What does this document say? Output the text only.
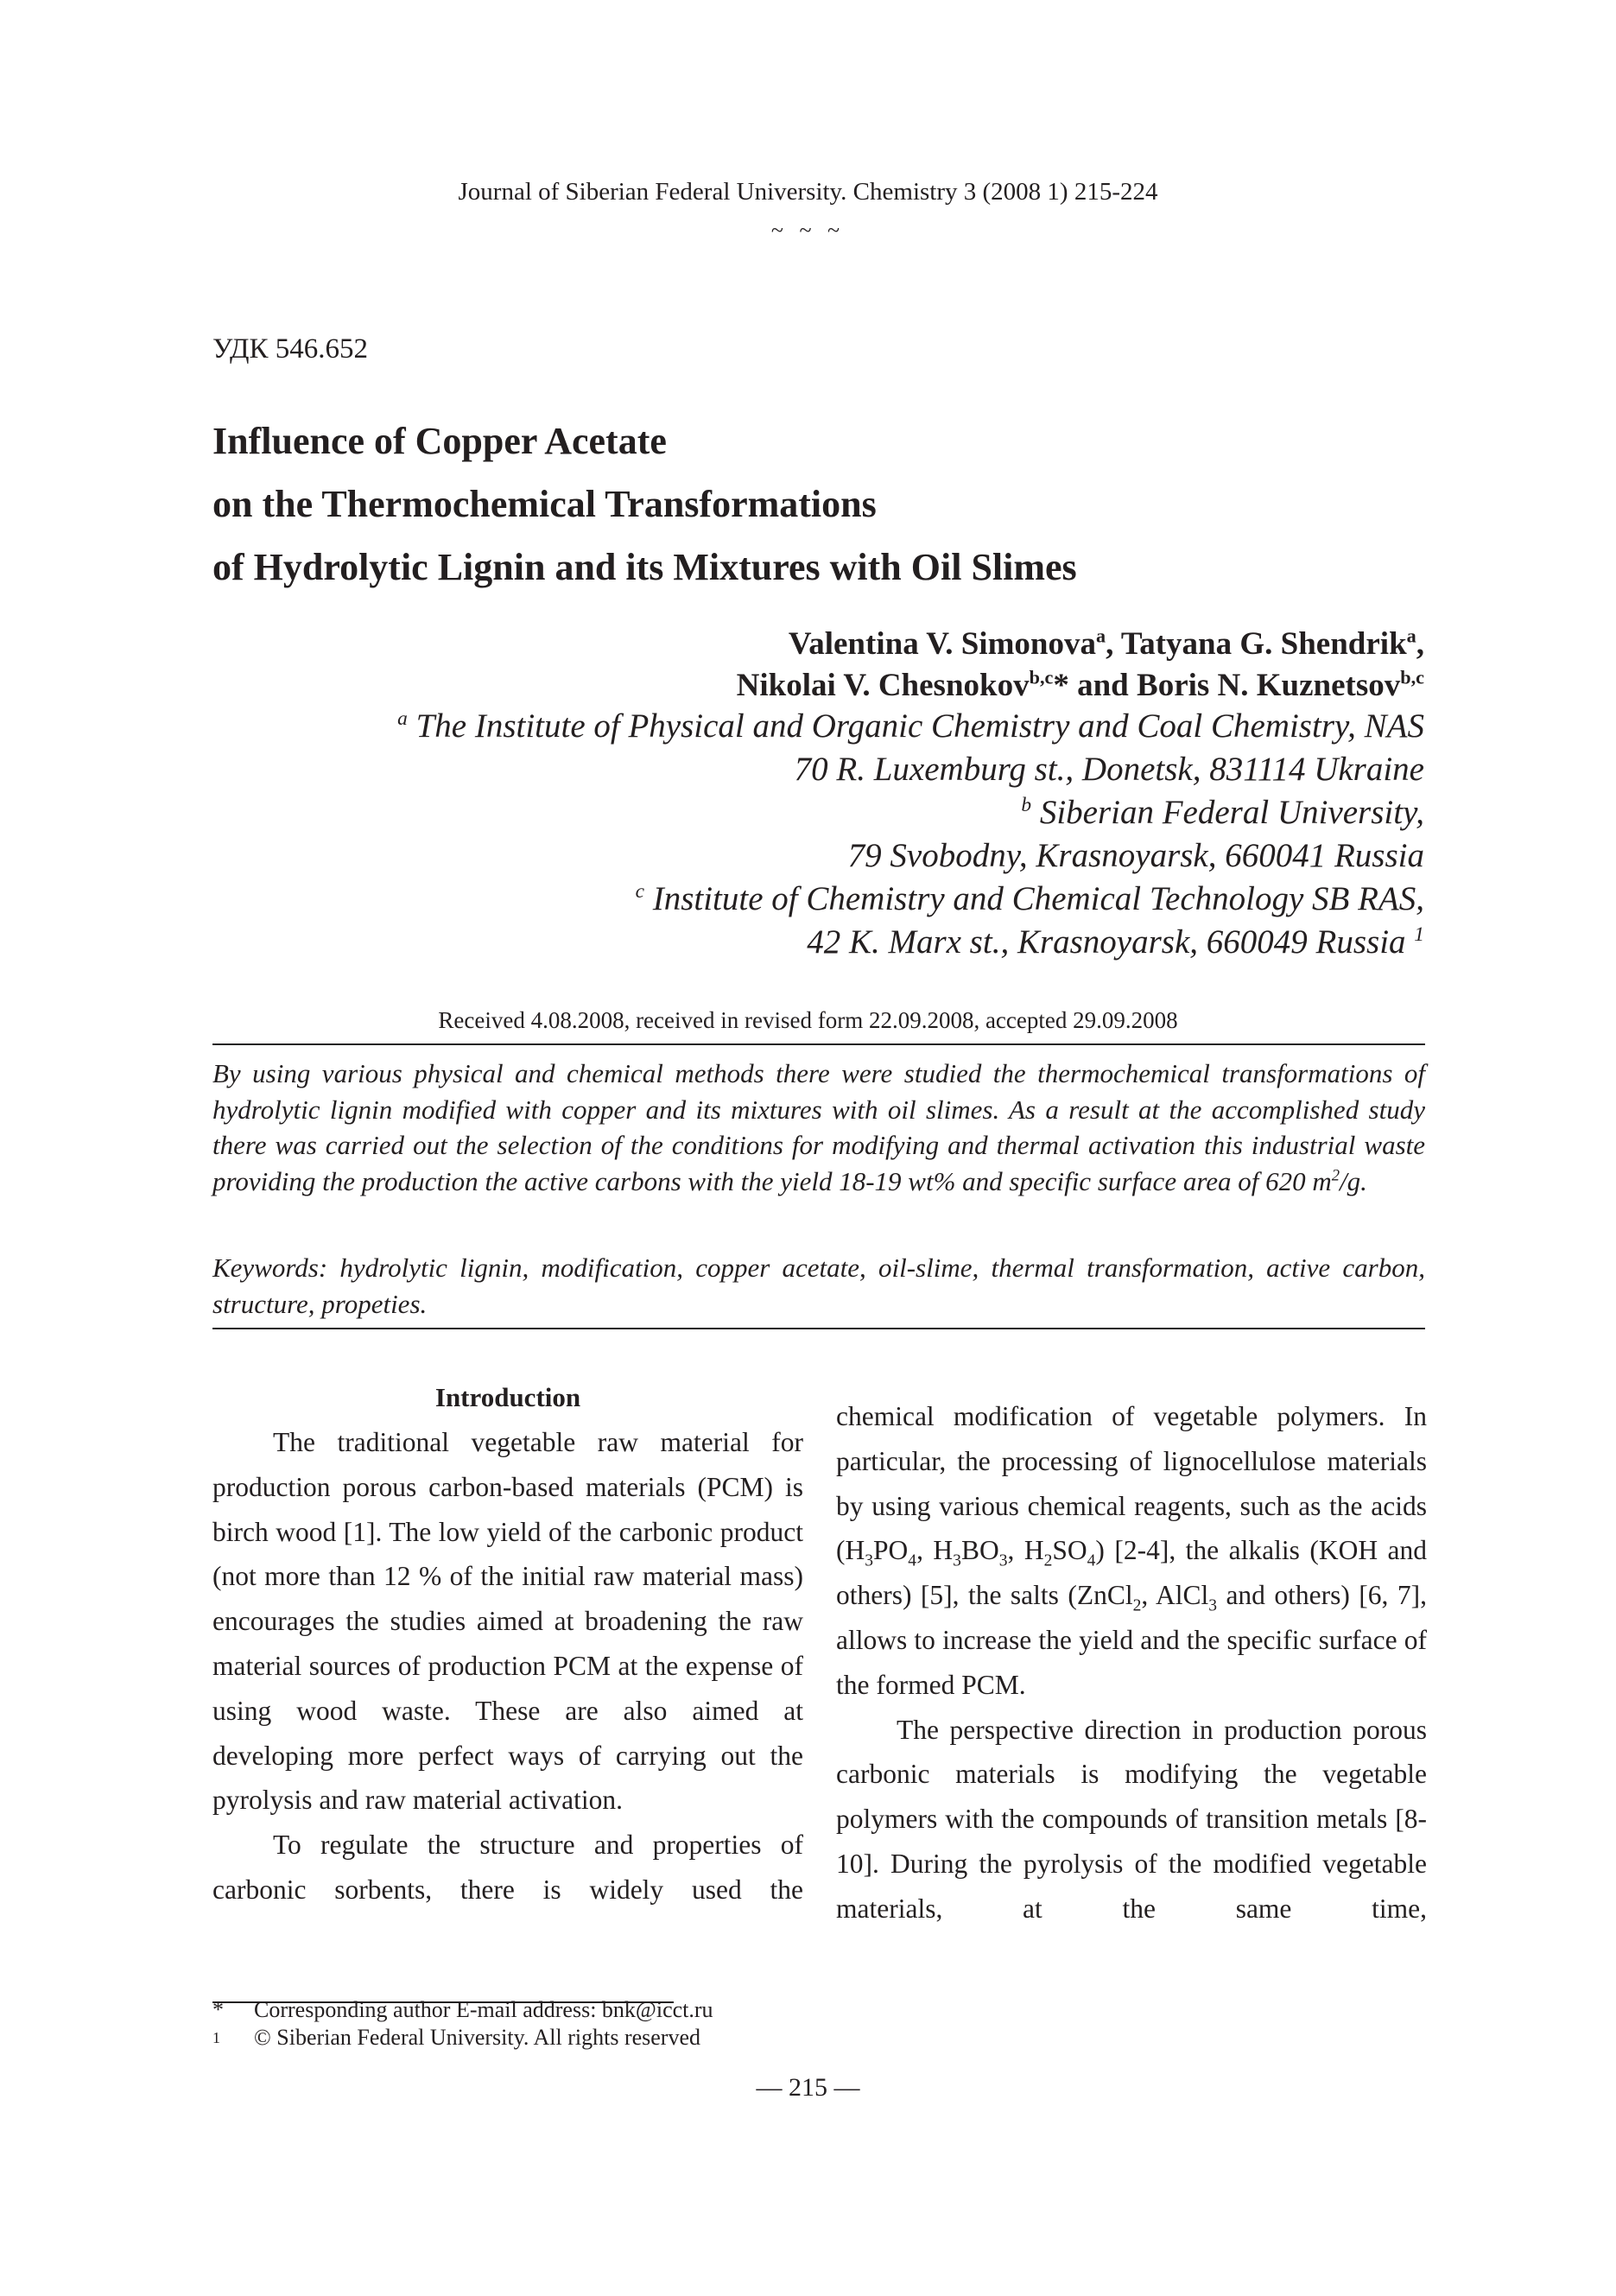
Journal of Siberian Federal University. Chemistry 3 (2008 1) 215-224
~ ~ ~
УДК 546.652
Influence of Copper Acetate
on the Thermochemical Transformations
of Hydrolytic Lignin and its Mixtures with Oil Slimes
Valentina V. Simonova$^a$, Tatyana G. Shendrik$^a$,
Nikolai V. Chesnokov$^{b,c}$* and Boris N. Kuznetsov$^{b,c}$
$^a$ The Institute of Physical and Organic Chemistry and Coal Chemistry, NAS
70 R. Luxemburg st., Donetsk, 831114 Ukraine
$^b$ Siberian Federal University,
79 Svobodny, Krasnoyarsk, 660041 Russia
$^c$ Institute of Chemistry and Chemical Technology SB RAS,
42 K. Marx st., Krasnoyarsk, 660049 Russia $^1$
Received 4.08.2008, received in revised form 22.09.2008, accepted 29.09.2008
By using various physical and chemical methods there were studied the thermochemical transformations of hydrolytic lignin modified with copper and its mixtures with oil slimes. As a result at the accomplished study there was carried out the selection of the conditions for modifying and thermal activation this industrial waste providing the production the active carbons with the yield 18-19 wt% and specific surface area of 620 $m^2/g$.
Keywords: hydrolytic lignin, modification, copper acetate, oil-slime, thermal transformation, active carbon, structure, propeties.
Introduction

The traditional vegetable raw material for production porous carbon-based materials (PCM) is birch wood [1]. The low yield of the carbonic product (not more than 12 % of the initial raw material mass) encourages the studies aimed at broadening the raw material sources of production PCM at the expense of using wood waste. These are also aimed at developing more perfect ways of carrying out the pyrolysis and raw material activation.

To regulate the structure and properties of carbonic sorbents, there is widely used the

chemical modification of vegetable polymers. In particular, the processing of lignocellulose materials by using various chemical reagents, such as the acids ($H_3PO_4$, $H_3BO_3$, $H_2SO_4$) [2-4], the alkalis (KOH and others) [5], the salts (ZnCl$_2$, AlCl$_3$ and others) [6, 7], allows to increase the yield and the specific surface of the formed PCM.

The perspective direction in production porous carbonic materials is modifying the vegetable polymers with the compounds of transition metals [8-10]. During the pyrolysis of the modified vegetable materials, at the same time,

* Corresponding author E-mail address: bnk@icct.ru
1 © Siberian Federal University. All rights reserved
— 215 —
